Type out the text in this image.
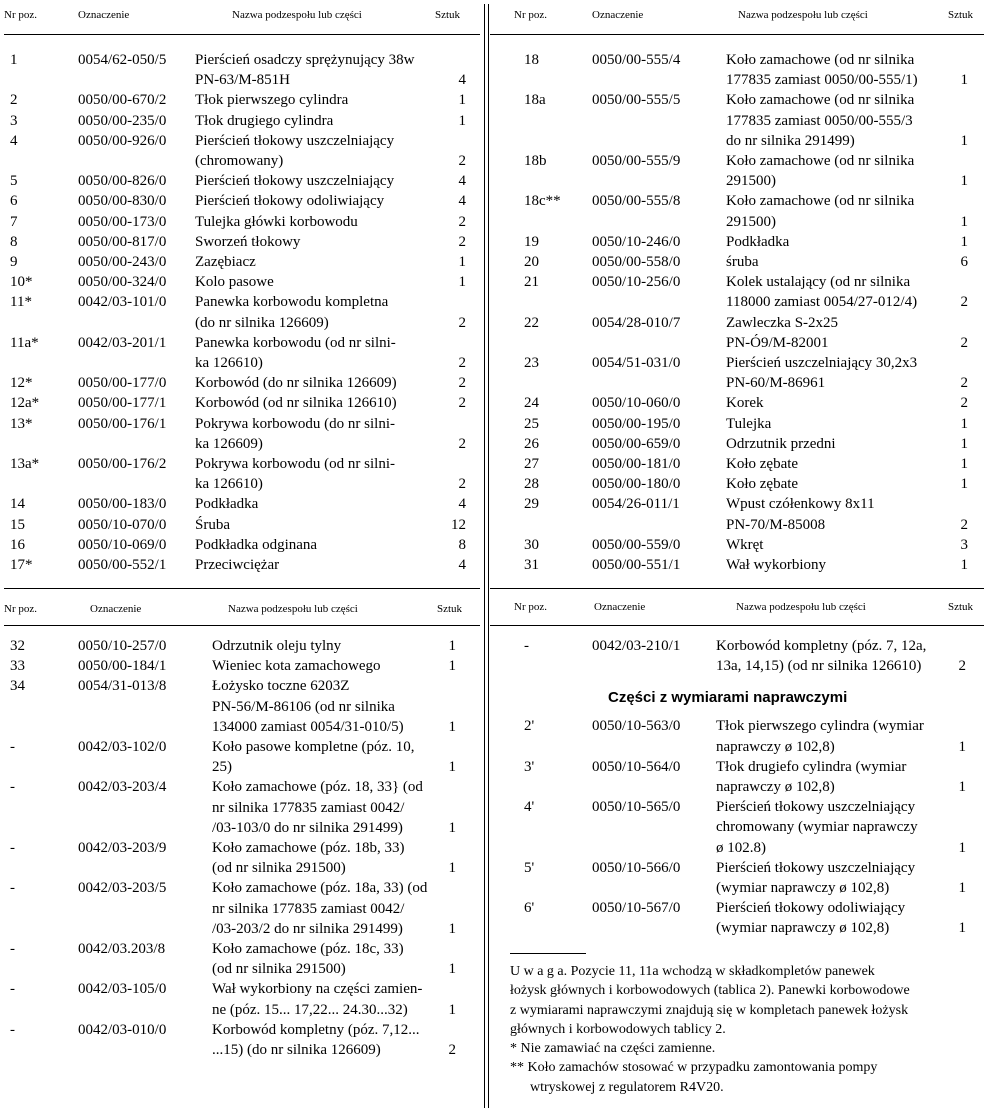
Nr poz.	Oznaczenie	Nazwa podzespołu lub części	Sztuk
1	0054/62-050/5 Pierścień osadczy sprężynujący 38w
PN-63/M-851H	4
2	0050/00-670/2 Tłok pierwszego cylindra	1
3	0050/00-235/0 Tłok drugiego cylindra	1
4	0050/00-926/0 Pierścień tłokowy uszczelniający
(chromowany)	2
5	0050/00-826/0 Pierścień tłokowy uszczelniający	4
6	0050/00-830/0 Pierścień tłokowy odoliwiający	4
7	0050/00-173/0 Tulejka główki korbowodu	2
8	0050/00-817/0 Sworzeń tłokowy	2
9	0050/00-243/0 Zazębiacz	1
10*	0050/00-324/0 Kolo pasowe	1
11*	0042/03-101/0 Panewka korbowodu kompletna
(do nr silnika 126609)	2
11a*	0042/03-201/1 Panewka korbowodu (od nr silni-
ka 126610)	2
12*	0050/00-177/0 Korbowód (do nr silnika 126609)	2
12a*	0050/00-177/1 Korbowód (od nr silnika 126610)	2
13*	0050/00-176/1 Pokrywa korbowodu (do nr silni-
ka 126609)	2
13a*	0050/00-176/2 Pokrywa korbowodu (od nr silni-
ka 126610)	2
14	0050/00-183/0 Podkładka	4
15	0050/10-070/0 Śruba	12
16	0050/10-069/0 Podkładka odginana	8
17*	0050/00-552/1 Przeciwciężar	4
Nr poz.	Oznaczenie	Nazwa podzespołu lub części	Sztuk
18	0050/00-555/4	Koło zamachowe (od nr silnika
177835 zamiast 0050/00-555/1)	1
18a	0050/00-555/5	Koło zamachowe (od nr silnika
177835 zamiast 0050/00-555/3
do nr silnika 291499)	1
18b	0050/00-555/9	Koło zamachowe (od nr silnika
291500)	1
18c** 0050/00-555/8	Koło zamachowe (od nr silnika
291500)	1
19	0050/10-246/0	Podkładka	1
20	0050/00-558/0	śruba	6
21	0050/10-256/0	Kolek ustalający (od nr silnika
118000 zamiast 0054/27-012/4)	2
22	0054/28-010/7	Zawleczka S-2x25
PN-Ó9/M-82001	2
23	0054/51-031/0	Pierścień uszczelniający 30,2x3
PN-60/M-86961	2
24	0050/10-060/0	Korek	2
25	0050/00-195/0	Tulejka	1
26	0050/00-659/0	Odrzutnik przedni	1
27	0050/00-181/0	Koło zębate	1
28	0050/00-180/0	Koło zębate	1
29	0054/26-011/1	Wpust czółenkowy 8x11
PN-70/M-85008	2
30	0050/00-559/0	Wkręt	3
31	0050/00-551/1	Wał wykorbiony	1
Nr poz.	Oznaczenie	Nazwa podzespołu lub części	Sztuk
32	0050/10-257/0	Odrzutnik oleju tylny	1
33	0050/00-184/1	Wieniec kota zamachowego	1
34	0054/31-013/8	Łożysko toczne 6203Z
PN-56/M-86106 (od nr silnika
134000 zamiast 0054/31-010/5)	1
-	0042/03-102/0	Koło pasowe kompletne (póz. 10,
25)	1
-	0042/03-203/4	Koło zamachowe (póz. 18, 33} (od
nr silnika 177835 zamiast 0042/
/03-103/0 do nr silnika 291499)	1
-	0042/03-203/9	Koło zamachowe (póz. 18b, 33)
(od nr silnika 291500)	1
-	0042/03-203/5	Koło zamachowe (póz. 18a, 33) (od
nr silnika 177835 zamiast 0042/
/03-203/2 do nr silnika 291499)	1
-	0042/03.203/8	Koło zamachowe (póz. 18c, 33)
(od nr silnika 291500)	1
-	0042/03-105/0	Wał wykorbiony na części zamien-
ne (póz. 15... 17,22... 24.30...32)	1
-	0042/03-010/0	Korbowód kompletny (póz. 7,12...
...15) (do nr silnika 126609)	2
Nr poz.	Oznaczenie	Nazwa podzespołu lub części	Sztuk
-	0042/03-210/1 Korbowód kompletny (póz. 7, 12a,
13a, 14,15) (od nr silnika 126610)	2
Części z wymiarami naprawczymi
2'	0050/10-563/0 Tłok pierwszego cylindra (wymiar
naprawczy ø 102,8)	1
3'	0050/10-564/0 Tłok drugiefo cylindra (wymiar
naprawczy ø 102,8)	1
4'	0050/10-565/0 Pierścień tłokowy uszczelniający
chromowany (wymiar naprawczy
ø 102.8)	1
5'	0050/10-566/0 Pierścień tłokowy uszczelniający
(wymiar naprawczy ø 102,8)	1
6'	0050/10-567/0 Pierścień tłokowy odoliwiający
(wymiar naprawczy ø 102,8)	1
U w a g a. Pozycie 11, 11a wchodzą w składkompletów panewek
łożysk głównych i korbowodowych (tablica 2). Panewki korbowodowe
z wymiarami naprawczymi znajdują się w kompletach panewek łożysk
głównych i korbowodowych tablicy 2.
* Nie zamawiać na części zamienne.
** Koło zamachów stosować w przypadku zamontowania pompy
wtryskowej z regulatorem R4V20.
